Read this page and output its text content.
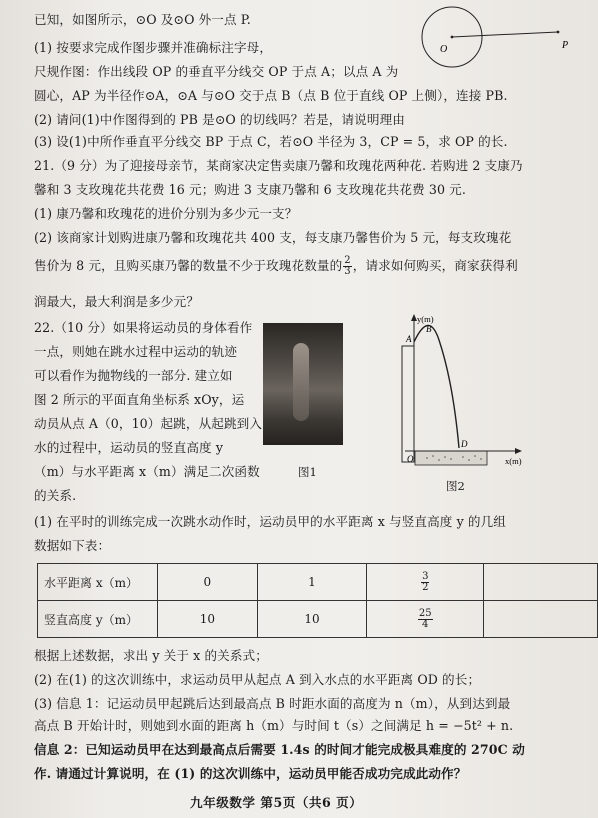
已知，如图所示，⊙O 及⊙O 外一点 P.
(1) 按要求完成作图步骤并准确标注字母，
尺规作图：作出线段 OP 的垂直平分线交 OP 于点 A；以点 A 为
圆心，AP 为半径作⊙A，⊙A 与⊙O 交于点 B（点 B 位于直线 OP 上侧），连接 PB.
(2) 请问(1)中作图得到的 PB 是⊙O 的切线吗？若是，请说明理由
(3) 设(1)中所作垂直平分线交 BP 于点 C，若⊙O 半径为 3，CP = 5，求 OP 的长.
21.（9 分）为了迎接母亲节，某商家决定售卖康乃馨和玫瑰花两种花. 若购进 2 支康乃
馨和 3 支玫瑰花共花费 16 元；购进 3 支康乃馨和 6 支玫瑰花共花费 30 元.
(1) 康乃馨和玫瑰花的进价分别为多少元一支？
(2) 该商家计划购进康乃馨和玫瑰花共 400 支，每支康乃馨售价为 5 元，每支玫瑰花
售价为 8 元，且购买康乃馨的数量不少于玫瑰花数量的 $\frac{2}{3}$ ，请求如何购买，商家获得利
润最大，最大利润是多少元？
22.（10 分）如果将运动员的身体看作
一点，则她在跳水过程中运动的轨迹
可以看作为抛物线的一部分. 建立如
图 2 所示的平面直角坐标系 xOy，运
动员从点 A（0，10）起跳，从起跳到入
水的过程中，运动员的竖直高度 y
（m）与水平距离 x（m）满足二次函数
的关系.
(1) 在平时的训练完成一次跳水动作时，运动员甲的水平距离 x 与竖直高度 y 的几组
数据如下表：
O	P
图1
y(m)
A
B
x(m)
O
D
图2
水平距离 x（m）	0	1	$\frac{3}{2}$

竖直高度 y（m）	10	10	$\frac{25}{4}$

根据上述数据，求出 y 关于 x 的关系式；
(2) 在(1) 的这次训练中，求运动员甲从起点 A 到入水点的水平距离 OD 的长；
(3) 信息 1：记运动员甲起跳后达到最高点 B 时距水面的高度为 n（m），从到达到最
高点 B 开始计时，则她到水面的距离 h（m）与时间 t（s）之间满足 h = −5t² + n.
信息 2：已知运动员甲在达到最高点后需要 1.4s 的时间才能完成极具难度的 270C 动
作. 请通过计算说明，在 (1) 的这次训练中，运动员甲能否成功完成此动作？
九年级数学 第5页（共6 页）
